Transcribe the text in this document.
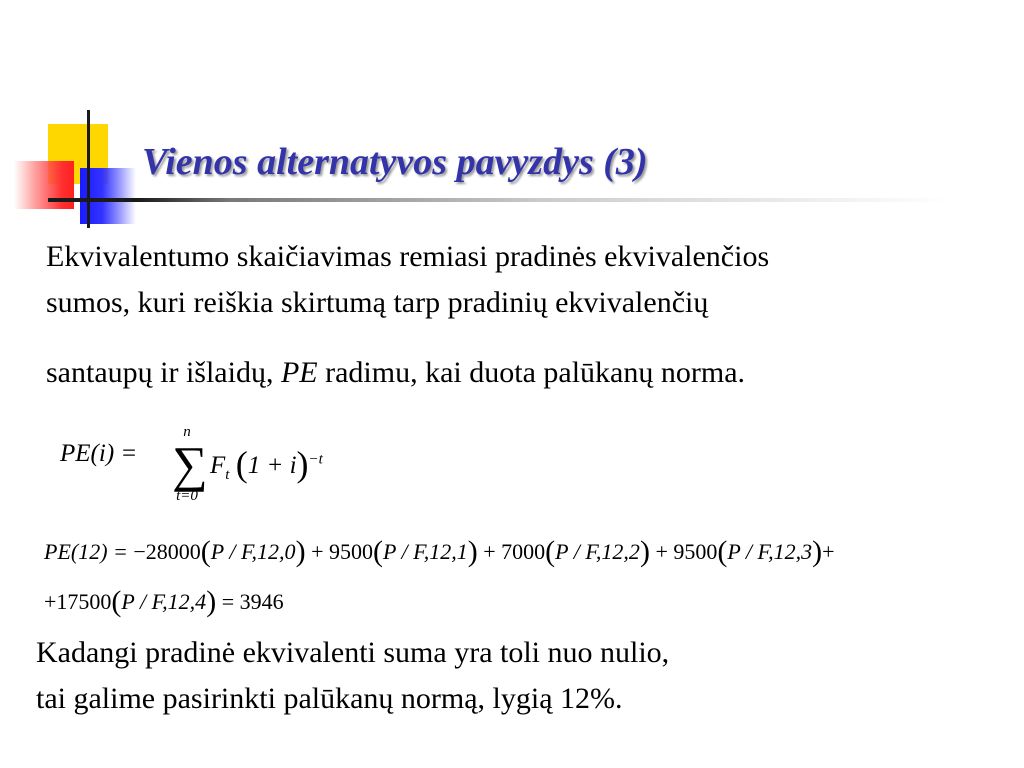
Vienos alternatyvos pavyzdys (3)

Ekvivalentumo skaičiavimas remiasi pradinės ekvivalenčios
sumos, kuri reiškia skirtumą tarp pradinių ekvivalenčių
santaupų ir išlaidų, PE radimu, kai duota palūkanų norma.

PE(i) =
n
∑
t=0
$F_t$ $(1 + i)^{-t}$
PE(12) = −28000(P / F,12,0) + 9500(P / F,12,1) + 7000(P / F,12,2) + 9500(P / F,12,3)+
+17500(P / F,12,4) = 3946

Kadangi pradinė ekvivalenti suma yra toli nuo nulio,
tai galime pasirinkti palūkanų normą, lygią 12%.
